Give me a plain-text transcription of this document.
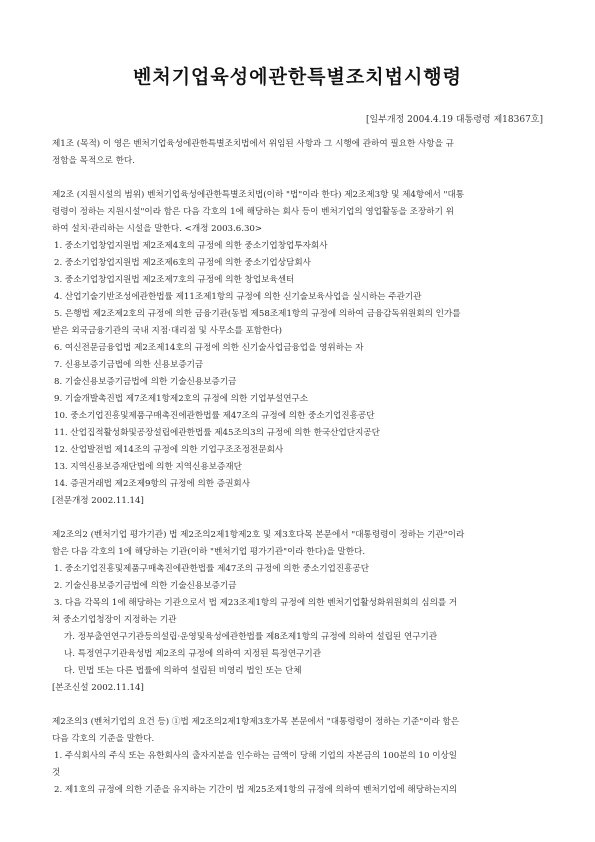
벤처기업육성에관한특별조치법시행령
[일부개정 2004.4.19 대통령령 제18367호]

제1조 (목적) 이 영은 벤처기업육성에관한특별조치법에서 위임된 사항과 그 시행에 관하여 필요한 사항을 규

정함을 목적으로 한다.

제2조 (지원시설의 범위) 벤처기업육성에관한특별조치법(이하 "법"이라 한다) 제2조제3항 및 제4항에서 "대통

령령이 정하는 지원시설"이라 함은 다음 각호의 1에 해당하는 회사 등이 벤처기업의 영업활동을 조장하기 위

하여 설치·관리하는 시설을 말한다. <개정 2003.6.30>

1. 중소기업창업지원법 제2조제4호의 규정에 의한 중소기업창업투자회사

2. 중소기업창업지원법 제2조제6호의 규정에 의한 중소기업상담회사

3. 중소기업창업지원법 제2조제7호의 규정에 의한 창업보육센터

4. 산업기술기반조성에관한법률 제11조제1항의 규정에 의한 신기술보육사업을 실시하는 주관기관

5. 은행법 제2조제2호의 규정에 의한 금융기관(동법 제58조제1항의 규정에 의하여 금융감독위원회의 인가를

받은 외국금융기관의 국내 지점·대리점 및 사무소를 포함한다)

6. 여신전문금융업법 제2조제14호의 규정에 의한 신기술사업금융업을 영위하는 자

7. 신용보증기금법에 의한 신용보증기금

8. 기술신용보증기금법에 의한 기술신용보증기금

9. 기술개발촉진법 제7조제1항제2호의 규정에 의한 기업부설연구소

10. 중소기업진흥및제품구매촉진에관한법률 제47조의 규정에 의한 중소기업진흥공단

11. 산업집적활성화및공장설립에관한법률 제45조의3의 규정에 의한 한국산업단지공단

12. 산업발전법 제14조의 규정에 의한 기업구조조정전문회사

13. 지역신용보증재단법에 의한 지역신용보증재단

14. 증권거래법 제2조제9항의 규정에 의한 증권회사

[전문개정 2002.11.14]

제2조의2 (벤처기업 평가기관) 법 제2조의2제1항제2호 및 제3호다목 본문에서 "대통령령이 정하는 기관"이라

함은 다음 각호의 1에 해당하는 기관(이하 "벤처기업 평가기관"이라 한다)을 말한다.

1. 중소기업진흥및제품구매촉진에관한법률 제47조의 규정에 의한 중소기업진흥공단

2. 기술신용보증기금법에 의한 기술신용보증기금

3. 다음 각목의 1에 해당하는 기관으로서 법 제23조제1항의 규정에 의한 벤처기업활성화위원회의 심의를 거

쳐 중소기업청장이 지정하는 기관

가. 정부출연연구기관등의설립·운영및육성에관한법률 제8조제1항의 규정에 의하여 설립된 연구기관

나. 특정연구기관육성법 제2조의 규정에 의하여 지정된 특정연구기관

다. 민법 또는 다른 법률에 의하여 설립된 비영리 법인 또는 단체

[본조신설 2002.11.14]

제2조의3 (벤처기업의 요건 등) ①법 제2조의2제1항제3호가목 본문에서 "대통령령이 정하는 기준"이라 함은

다음 각호의 기준을 말한다.

1. 주식회사의 주식 또는 유한회사의 출자지분을 인수하는 금액이 당해 기업의 자본금의 100분의 10 이상일

것

2. 제1호의 규정에 의한 기준을 유지하는 기간이 법 제25조제1항의 규정에 의하여 벤처기업에 해당하는지의
